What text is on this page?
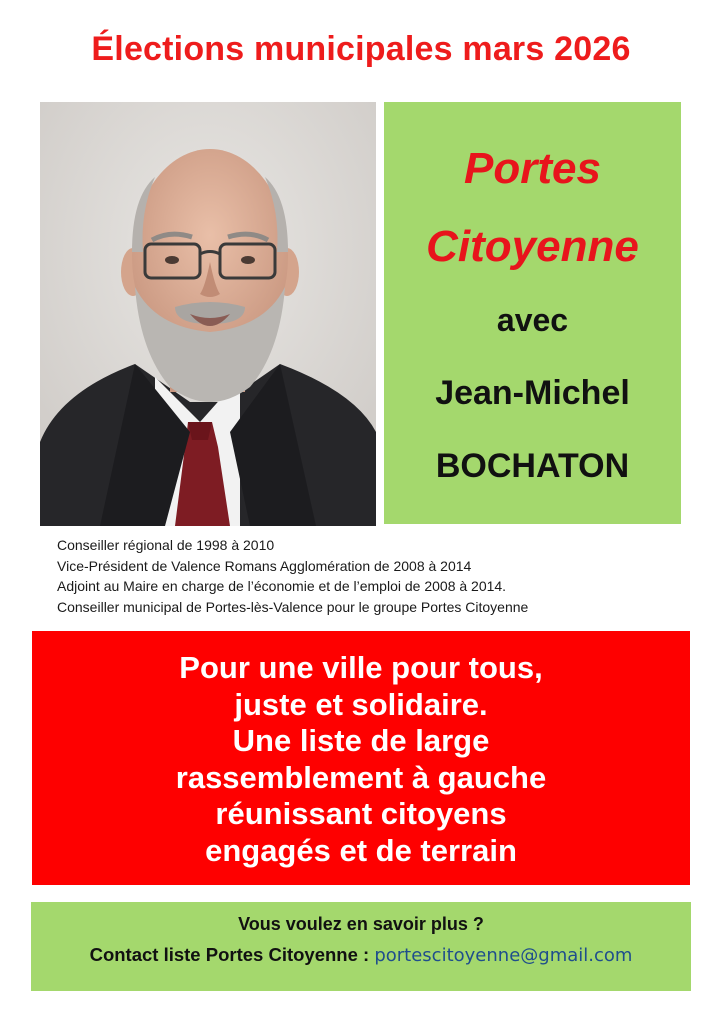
Élections municipales mars 2026
Portes
Citoyenne
avec
Jean-Michel
BOCHATON
Conseiller régional de 1998 à 2010
Vice-Président de Valence Romans Agglomération de 2008 à 2014
Adjoint au Maire en charge de l’économie et de l’emploi de 2008 à 2014.
Conseiller municipal de Portes-lès-Valence pour le groupe Portes Citoyenne
Pour une ville pour tous,
juste et solidaire.
Une liste de large
rassemblement à gauche
réunissant citoyens
engagés et de terrain
Vous voulez en savoir plus ?
Contact liste Portes Citoyenne : portescitoyenne@gmail.com
